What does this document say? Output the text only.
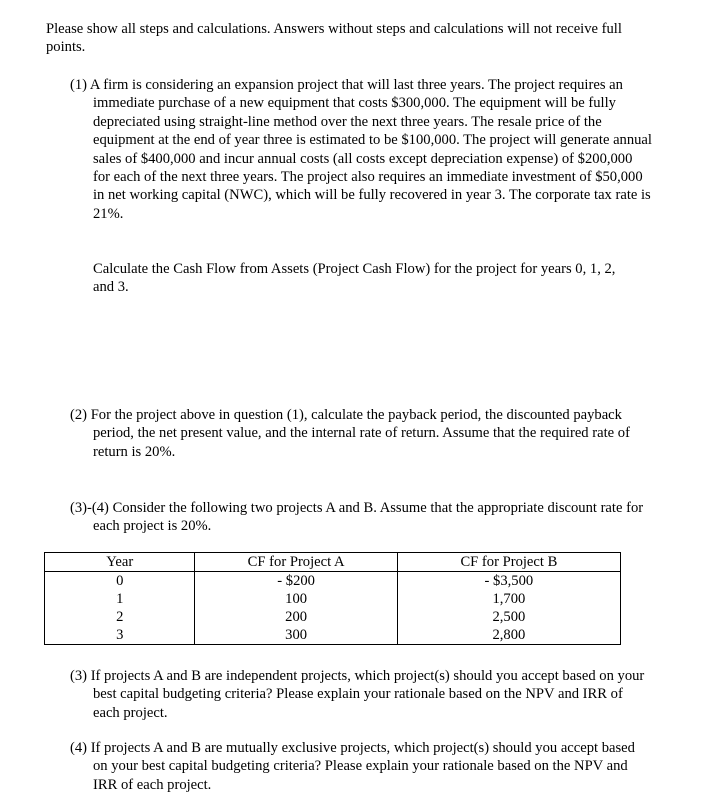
Please show all steps and calculations. Answers without steps and calculations will not receive full points.

(1) A firm is considering an expansion project that will last three years. The project requires an immediate purchase of a new equipment that costs $300,000. The equipment will be fully depreciated using straight-line method over the next three years. The resale price of the equipment at the end of year three is estimated to be $100,000. The project will generate annual sales of $400,000 and incur annual costs (all costs except depreciation expense) of $200,000 for each of the next three years. The project also requires an immediate investment of $50,000 in net working capital (NWC), which will be fully recovered in year 3. The corporate tax rate is 21%.

Calculate the Cash Flow from Assets (Project Cash Flow) for the project for years 0, 1, 2, and 3.

(2) For the project above in question (1), calculate the payback period, the discounted payback period, the net present value, and the internal rate of return. Assume that the required rate of return is 20%.

(3)-(4) Consider the following two projects A and B. Assume that the appropriate discount rate for each project is 20%.

Year	CF for Project A	CF for Project B
0	- $200	- $3,500
1	100	1,700
2	200	2,500
3	300	2,800

(3) If projects A and B are independent projects, which project(s) should you accept based on your best capital budgeting criteria? Please explain your rationale based on the NPV and IRR of each project.

(4) If projects A and B are mutually exclusive projects, which project(s) should you accept based on your best capital budgeting criteria? Please explain your rationale based on the NPV and IRR of each project.
